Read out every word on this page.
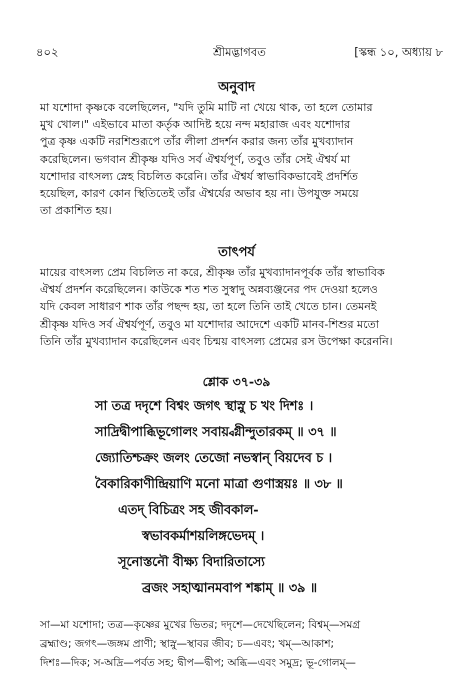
৪০২	শ্রীমদ্ভাগবত	[স্কন্ধ ১০, অধ্যায় ৮
অনুবাদ
মা যশোদা কৃষ্ণকে বলেছিলেন, "যদি তুমি মাটি না খেয়ে থাক, তা হলে তোমার
মুখ খোল।" এইভাবে মাতা কর্তৃক আদিষ্ট হয়ে নন্দ মহারাজ এবং যশোদার
পুত্র কৃষ্ণ একটি নরশিশুরূপে তাঁর লীলা প্রদর্শন করার জন্য তাঁর মুখব্যাদান
করেছিলেন। ভগবান শ্রীকৃষ্ণ যদিও সর্ব ঐশ্বর্যপূর্ণ, তবুও তাঁর সেই ঐশ্বর্য মা
যশোদার বাৎসল্য স্নেহ বিচলিত করেনি। তাঁর ঐশ্বর্য স্বাভাবিকভাবেই প্রদর্শিত
হয়েছিল, কারণ কোন স্থিতিতেই তাঁর ঐশ্বর্যের অভাব হয় না। উপযুক্ত সময়ে
তা প্রকাশিত হয়।
তাৎপর্য
মায়ের বাৎসল্য প্রেম বিচলিত না করে, শ্রীকৃষ্ণ তাঁর মুখব্যাদানপূর্বক তাঁর স্বাভাবিক
ঐশ্বর্য প্রদর্শন করেছিলেন। কাউকে শত শত সুস্বাদু অন্নব্যঞ্জনের পদ দেওয়া হলেও
যদি কেবল সাধারণ শাক তাঁর পছন্দ হয়, তা হলে তিনি তাই খেতে চান। তেমনই
শ্রীকৃষ্ণ যদিও সর্ব ঐশ্বর্যপূর্ণ, তবুও মা যশোদার আদেশে একটি মানব-শিশুর মতো
তিনি তাঁর মুখব্যাদান করেছিলেন এবং চিন্ময় বাৎসল্য প্রেমের রস উপেক্ষা করেননি।
শ্লোক ৩৭-৩৯
সা তত্র দদৃশে বিশ্বং জগৎ স্থাস্নু চ খং দিশঃ ।
সাদ্রিদ্বীপাব্ধিভূগোলং সবায়্বগ্নীন্দুতারকম্ ॥ ৩৭ ॥
জ্যোতিশ্চক্রং জলং তেজো নভস্বান্ বিয়দেব চ ।
বৈকারিকাণীন্দ্রিয়াণি মনো মাত্রা গুণাস্ত্রয়ঃ ॥ ৩৮ ॥
এতদ্ বিচিত্রং সহ জীবকাল-
স্বভাবকর্মাশয়লিঙ্গভেদম্ ।
সূনোস্তনৌ বীক্ষ্য বিদারিতাস্যে
ব্রজং সহাত্মানমবাপ শঙ্কাম্ ॥ ৩৯ ॥
সা—মা যশোদা; তত্র—কৃষ্ণের মুখের ভিতর; দদৃশে—দেখেছিলেন; বিশ্বম্—সমগ্র
ব্রহ্মাণ্ড; জগৎ—জঙ্গম প্রাণী; স্থাস্নু—স্থাবর জীব; চ—এবং; খম্—আকাশ;
দিশঃ—দিক; স-অদ্রি—পর্বত সহ; দ্বীপ—দ্বীপ; অব্ধি—এবং সমুদ্র; ভূ-গোলম্—
